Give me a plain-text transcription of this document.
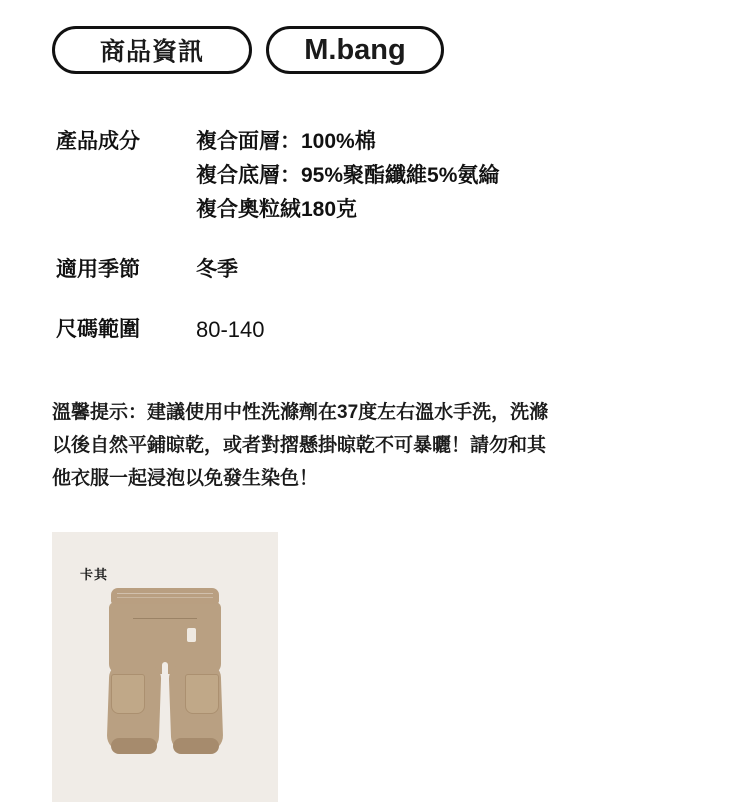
商品資訊	M.bang
產品成分	複合面層：100%棉
複合底層：95%聚酯纖維5%氨綸
複合奧粒絨180克
適用季節	冬季
尺碼範圍	80-140
溫馨提示：建議使用中性洗滌劑在37度左右溫水手洗，洗滌
以後自然平鋪晾乾，或者對摺懸掛晾乾不可暴曬！請勿和其
他衣服一起浸泡以免發生染色！
卡其
